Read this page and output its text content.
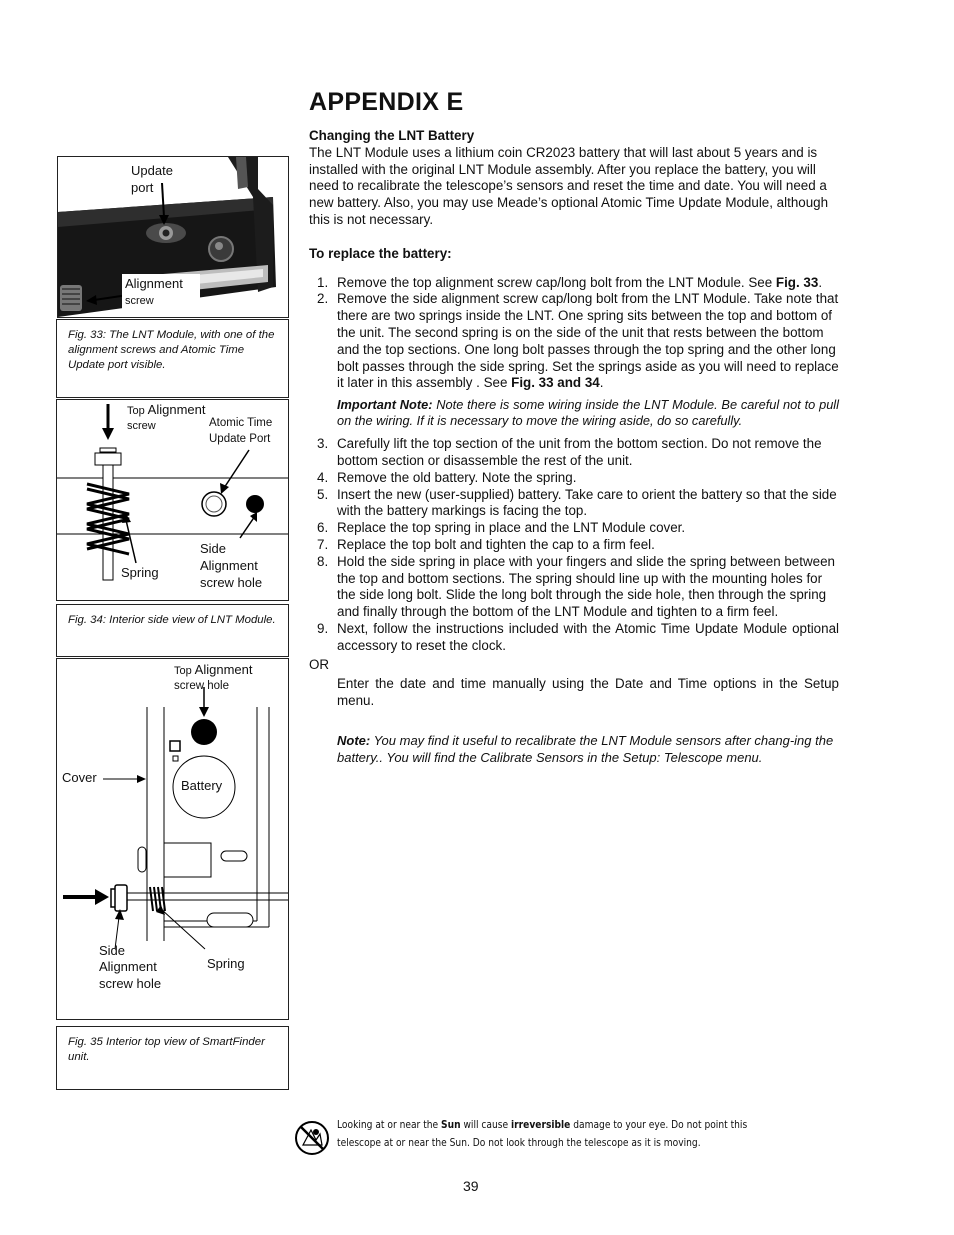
APPENDIX E

Changing the LNT Battery

The LNT Module uses a lithium coin CR2023 battery that will last about 5 years and is installed with the original LNT Module assembly. After you replace the battery, you will need to recalibrate the telescope’s sensors and reset the time and date. You will need a new battery. Also, you may use Meade’s optional Atomic Time Update Module, although this is not necessary.

To replace the battery:

1. Remove the top alignment screw cap/long bolt from the LNT Module. See Fig. 33.
2. Remove the side alignment screw cap/long bolt from the LNT Module. Take note that there are two springs inside the LNT. One spring sits between the top and bottom of the unit. The second spring is on the side of the unit that rests between the bottom and the top sections. One long bolt passes through the top spring and the other long bolt passes through the side spring. Set the springs aside as you will need to replace it later in this assembly . See Fig. 33 and 34.

Important Note: Note there is some wiring inside the LNT Module. Be careful not to pull on the wiring. If it is necessary to move the wiring aside, do so carefully.

3. Carefully lift the top section of the unit from the bottom section. Do not remove the bottom section or disassemble the rest of the unit.
4. Remove the old battery. Note the spring.
5. Insert the new (user-supplied) battery. Take care to orient the battery so that the side with the battery markings is facing the top.
6. Replace the top spring in place and the LNT Module cover.
7. Replace the top bolt and tighten the cap to a firm feel.
8. Hold the side spring in place with your fingers and slide the spring between between the top and bottom sections. The spring should line up with the mounting holes for the side long bolt. Slide the long bolt through the side hole, then through the spring and finally through the bottom of the LNT Module and tighten to a firm feel.
9. Next, follow the instructions included with the Atomic Time Update Module optional accessory to reset the clock.

OR

Enter the date and time manually using the Date and Time options in the Setup menu.

Note: You may find it useful to recalibrate the LNT Module sensors after chang-ing the battery.. You will find the Calibrate Sensors in the Setup: Telescope menu.

Update
port
Alignment
screw
Fig. 33: The LNT Module, with one of the alignment screws and Atomic Time Update port visible.
Top Alignment
screw	Atomic Time
Update Port
Spring
Side
Alignment
screw hole
Fig. 34: Interior side view of LNT Module.
Top Alignment
screw hole
Cover
Battery
Side
Alignment
screw hole
Spring
Fig. 35 Interior top view of SmartFinder unit.
Looking at or near the Sun will cause irreversible damage to your eye. Do not point this telescope at or near the Sun. Do not look through the telescope as it is moving.
39
